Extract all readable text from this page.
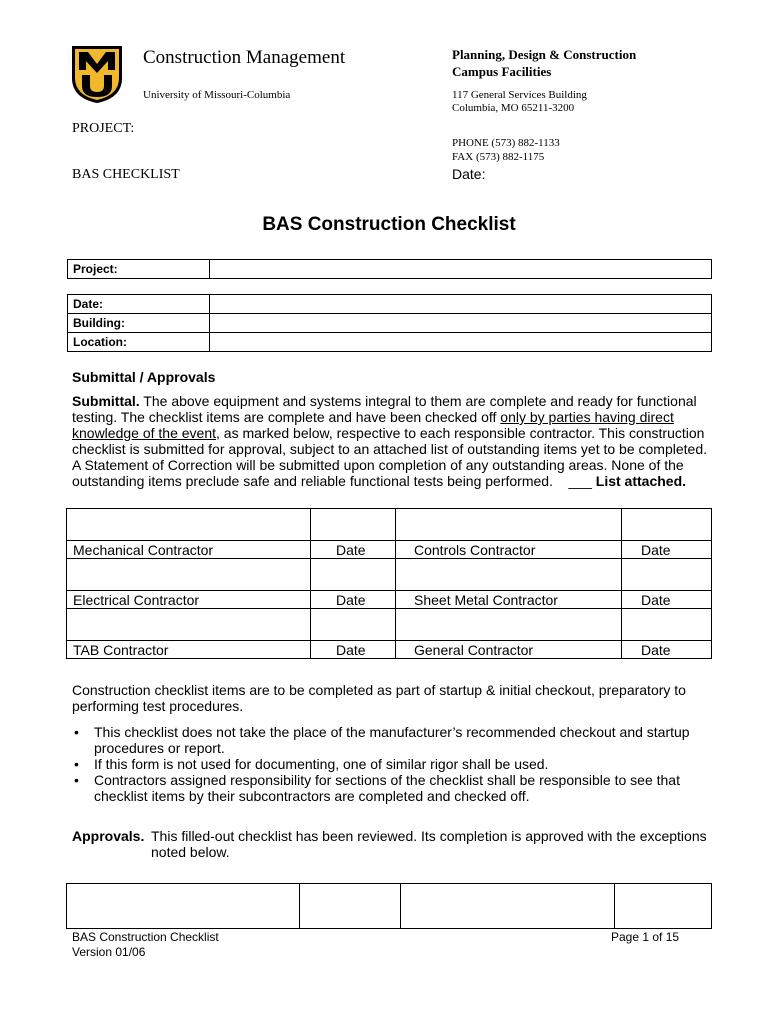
Construction Management
University of Missouri-Columbia
Planning, Design & Construction
Campus Facilities
117 General Services Building
Columbia, MO 65211-3200
PHONE (573) 882-1133
FAX (573) 882-1175
Date:
PROJECT:
BAS CHECKLIST
BAS Construction Checklist
Project:	
Date:	
Building:	
Location:	
Submittal / Approvals
Submittal. The above equipment and systems integral to them are complete and ready for functional testing. The checklist items are complete and have been checked off only by parties having direct knowledge of the event, as marked below, respective to each responsible contractor. This construction checklist is submitted for approval, subject to an attached list of outstanding items yet to be completed. A Statement of Correction will be submitted upon completion of any outstanding areas. None of the outstanding items preclude safe and reliable functional tests being performed. ___ List attached.

Mechanical Contractor	Date	Controls Contractor	Date

Electrical Contractor	Date	Sheet Metal Contractor	Date

TAB Contractor	Date	General Contractor	Date
Construction checklist items are to be completed as part of startup & initial checkout, preparatory to performing test procedures.
• This checklist does not take the place of the manufacturer’s recommended checkout and startup procedures or report.
• If this form is not used for documenting, one of similar rigor shall be used.
• Contractors assigned responsibility for sections of the checklist shall be responsible to see that checklist items by their subcontractors are completed and checked off.
Approvals. This filled-out checklist has been reviewed. Its completion is approved with the exceptions noted below.

BAS Construction Checklist
Version 01/06
Page 1 of 15
